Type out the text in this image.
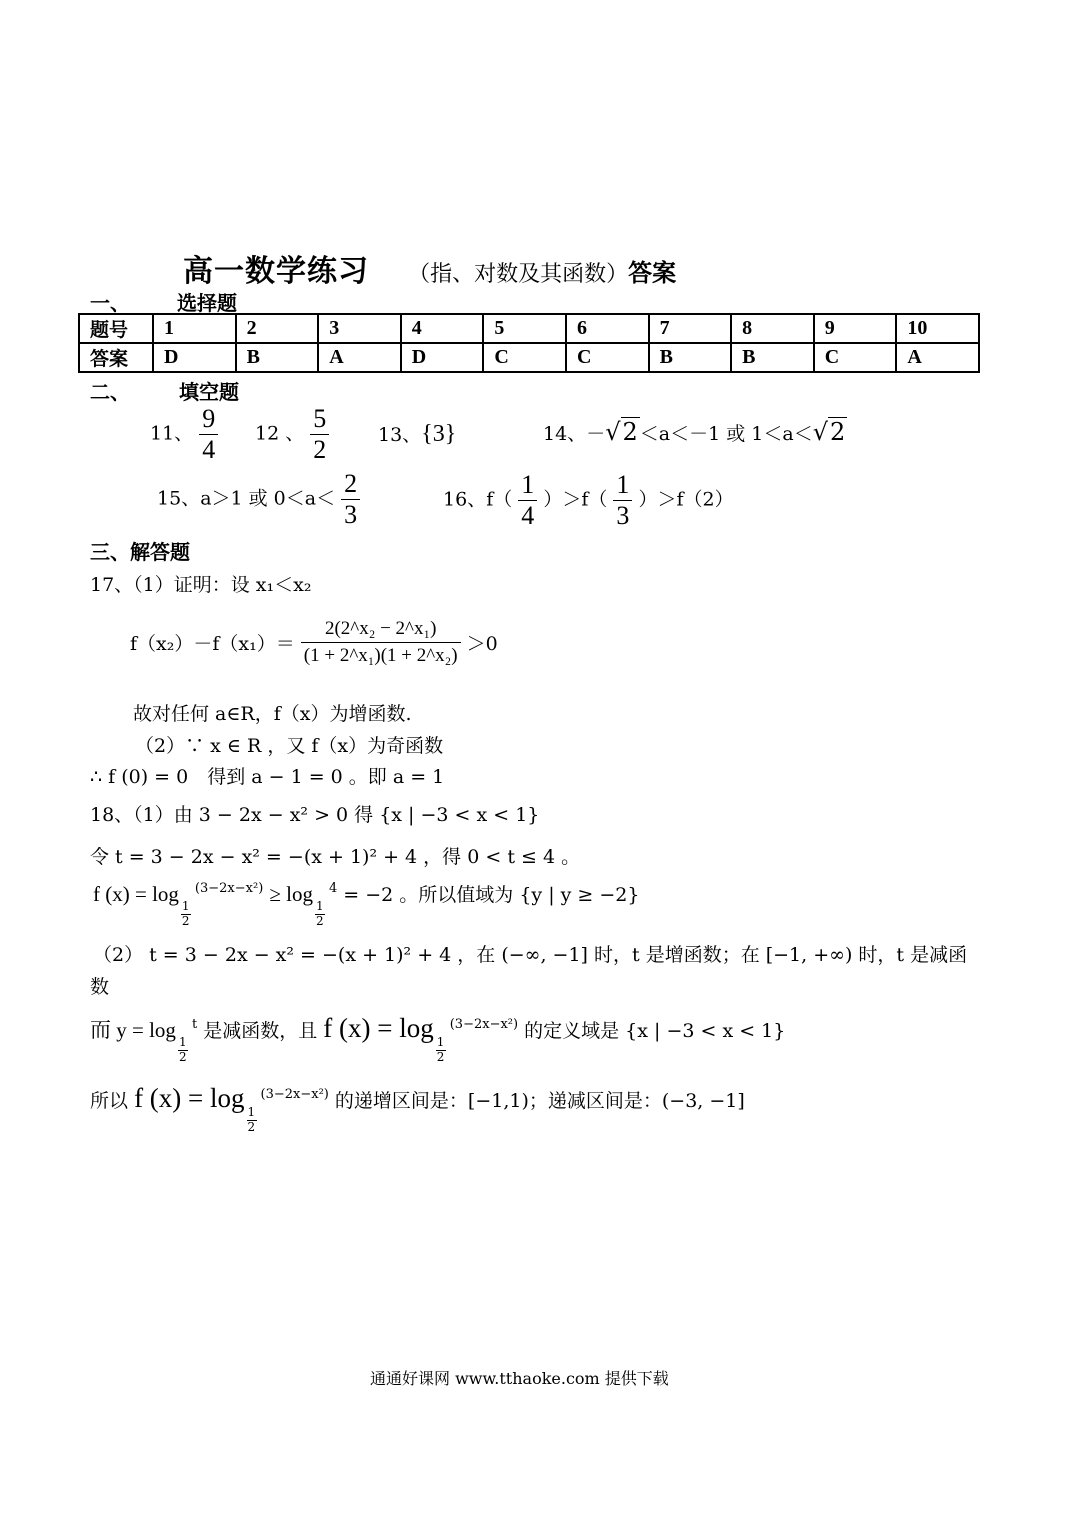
高一数学练习 （指、对数及其函数）答案
一、 选择题
题号	1	2	3	4	5	6	7	8	9	10
答案	D	B	A	D	C	C	B	B	C	A
二、 填空题
11、 $\frac{9}{4} 12$ 、 $\frac{5}{2}$	13、{3}	14、－√2 ＜a＜－1 或 1＜a＜√2
15、a＞1 或 $0<a< \frac{2}{3}$	16、$f( \frac{1}{4} )>f( \frac{1}{3} )>f(2)$
三、解答题
17、（1）证明：设 x₁＜x₂
$f(x_2)-f(x_1)= \frac{\text{2(2\textasciicircum{}x₂ − 2\textasciicircum{}x₁)}}{\text{(1 + 2\textasciicircum{}x₁)(1 + 2\textasciicircum{}x₂)}} >0$
故对任何 a∈R，f（x）为增函数.
（2）∵ x ∈ R ，又 f（x）为奇函数
∴ f (0) = 0　得到 a − 1 = 0 。即 a = 1
18、（1）由 3 − 2x − x² > 0 得 {x | −3 < x < 1}
令 t = 3 − 2x − x² = −(x + 1)² + 4 ，得 0 < t ≤ 4 。
f (x) = log
$\frac{1}{2}$
$^{(3-2x-x^2)}$ ≥ log
$\frac{1}{2}$
$^4$ = −2 。所以值域为 {y | y ≥ −2}
（2） t = 3 − 2x − x² = −(x + 1)² + 4 ，在 (−∞, −1] 时，t 是增函数；在 [−1, +∞) 时，t 是减函
数
而 y = log
$\frac{1}{2}$
$^t$ 是减函数，且 f (x) = log
$\frac{1}{2}$
$^{(3-2x-x^2)}$ 的定义域是 {x | −3 < x < 1}
所以 f (x) = log
$\frac{1}{2}$
$^{(3-2x-x^2)}$ 的递增区间是：[−1,1)；递减区间是：(−3, −1]
通通好课网 www.tthaoke.com 提供下载
